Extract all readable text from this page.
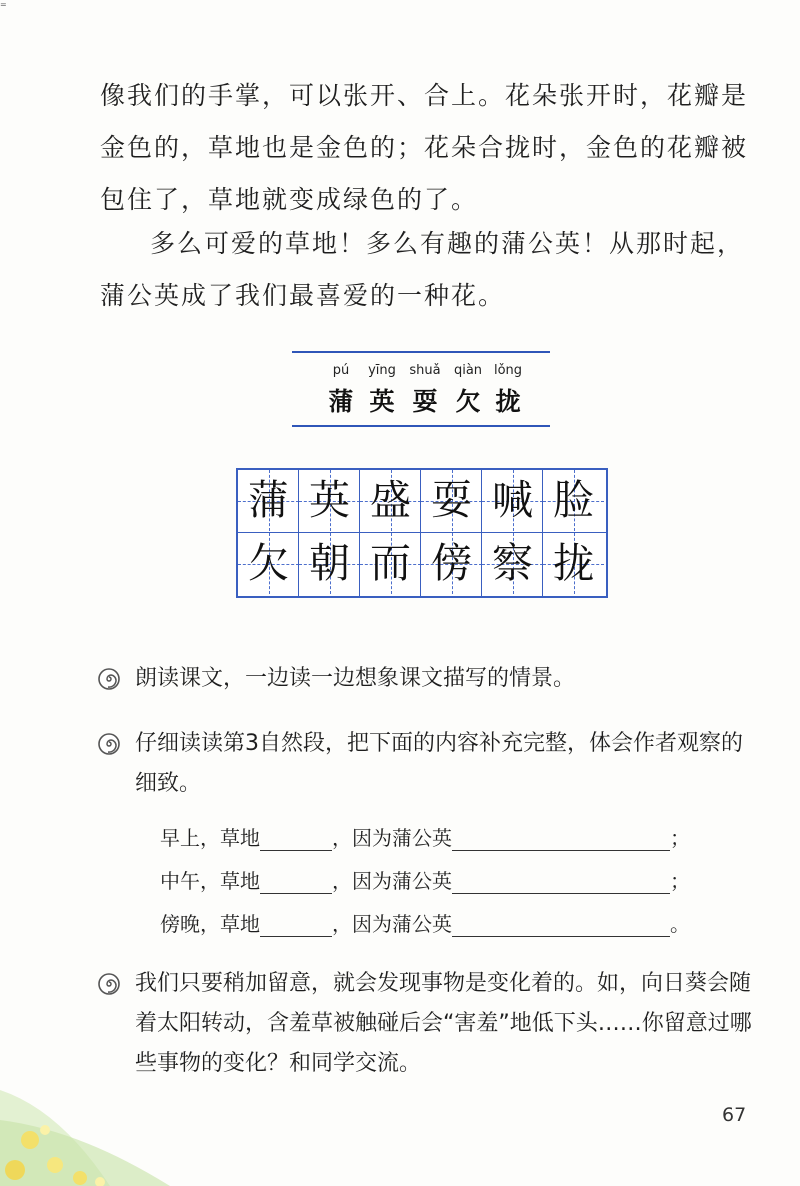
=

像我们的手掌，可以张开、合上。花朵张开时，花瓣是金色的，草地也是金色的；花朵合拢时，金色的花瓣被包住了，草地就变成绿色的了。

多么可爱的草地！多么有趣的蒲公英！从那时起，蒲公英成了我们最喜爱的一种花。

pú	yīng	shuǎ	qiàn lǒng
蒲 英 耍 欠 拢
蒲 英 盛 耍 喊 脸
欠 朝 而 傍 察 拢

朗读课文，一边读一边想象课文描写的情景。

仔细读读第3自然段，把下面的内容补充完整，体会作者观察的细致。

早上，草地	，因为蒲公英	；
中午，草地	，因为蒲公英	；
傍晚，草地	，因为蒲公英	。

我们只要稍加留意，就会发现事物是变化着的。如，向日葵会随着太阳转动，含羞草被触碰后会“害羞”地低下头……你留意过哪些事物的变化？和同学交流。

67
